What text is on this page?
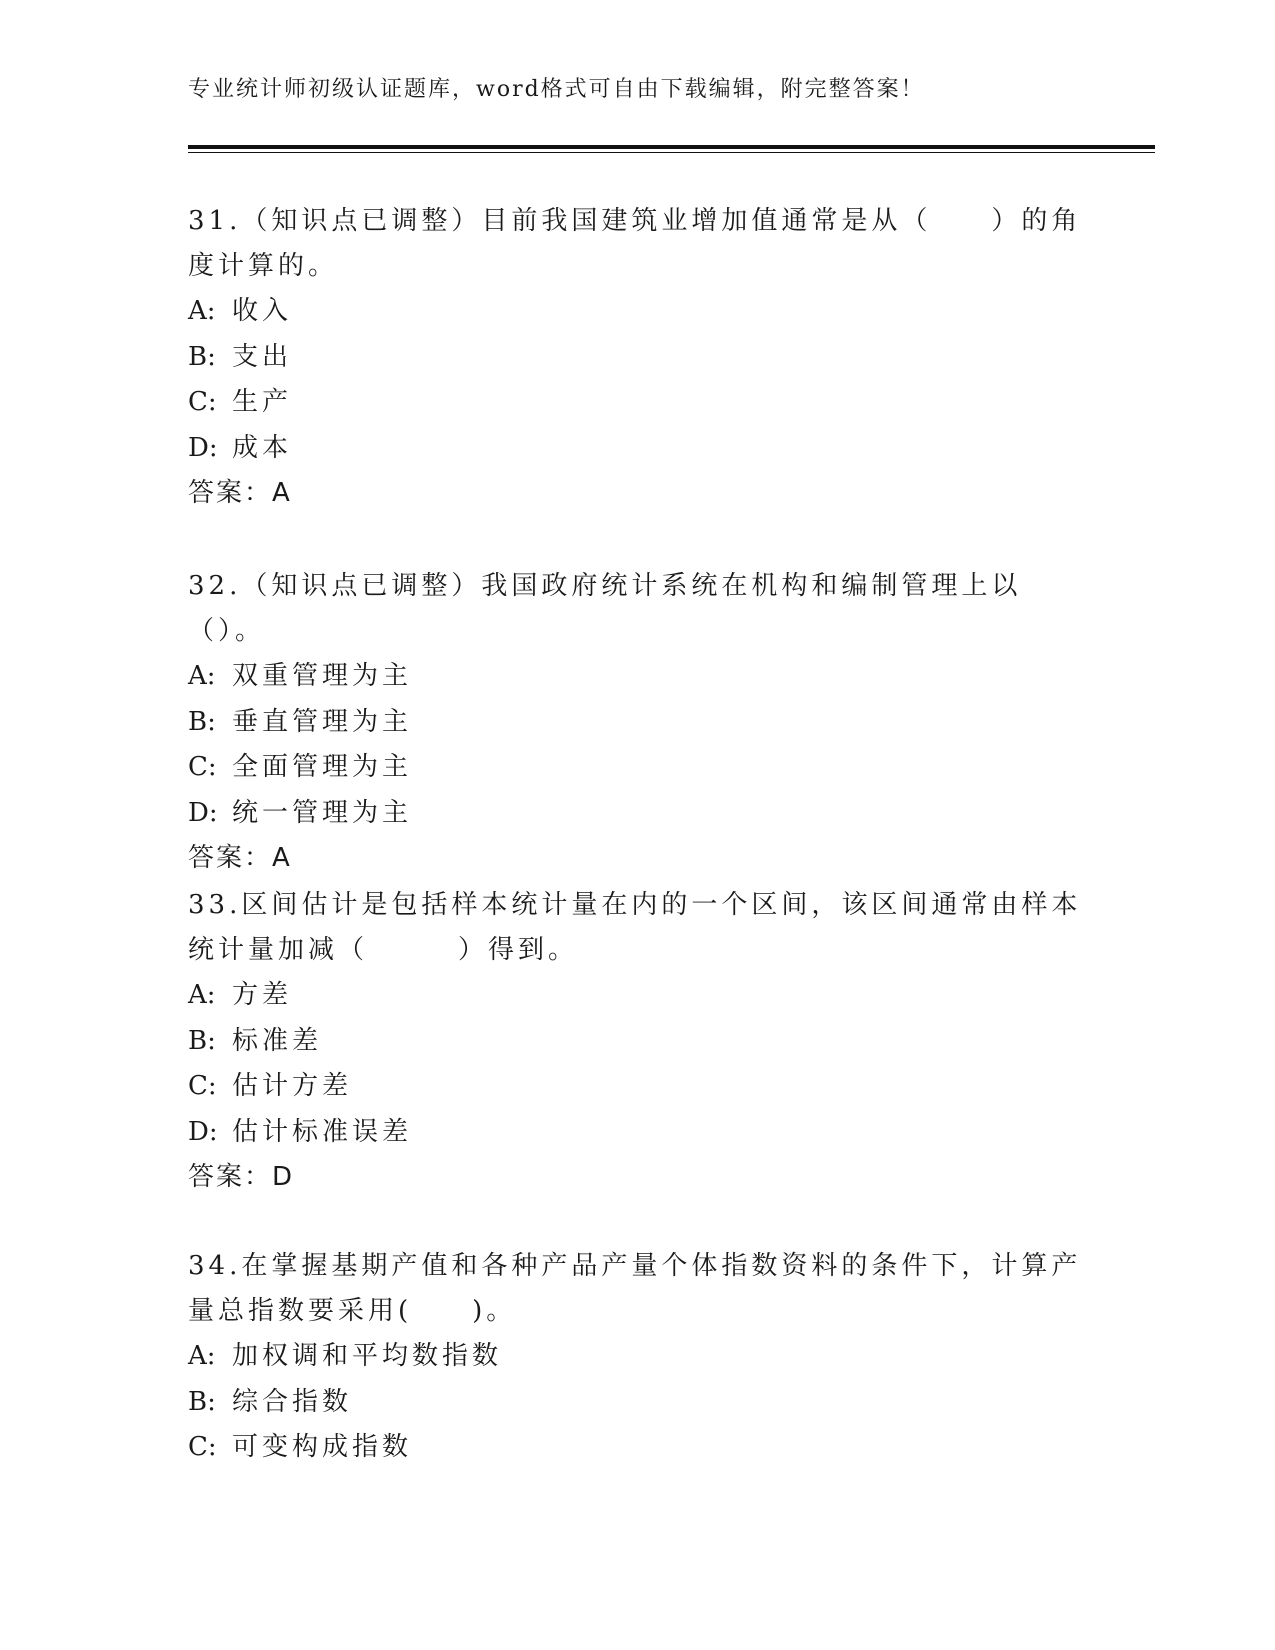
专业统计师初级认证题库，word格式可自由下载编辑，附完整答案！

31.（知识点已调整）目前我国建筑业增加值通常是从（　　）的角度计算的。

A: 收入
B: 支出
C: 生产
D: 成本
答案：A

32.（知识点已调整）我国政府统计系统在机构和编制管理上以（）。

A: 双重管理为主
B: 垂直管理为主
C: 全面管理为主
D: 统一管理为主
答案：A

33.区间估计是包括样本统计量在内的一个区间，该区间通常由样本统计量加减（　　　）得到。

A: 方差
B: 标准差
C: 估计方差
D: 估计标准误差
答案：D

34.在掌握基期产值和各种产品产量个体指数资料的条件下，计算产量总指数要采用(　　)。

A: 加权调和平均数指数
B: 综合指数
C: 可变构成指数
